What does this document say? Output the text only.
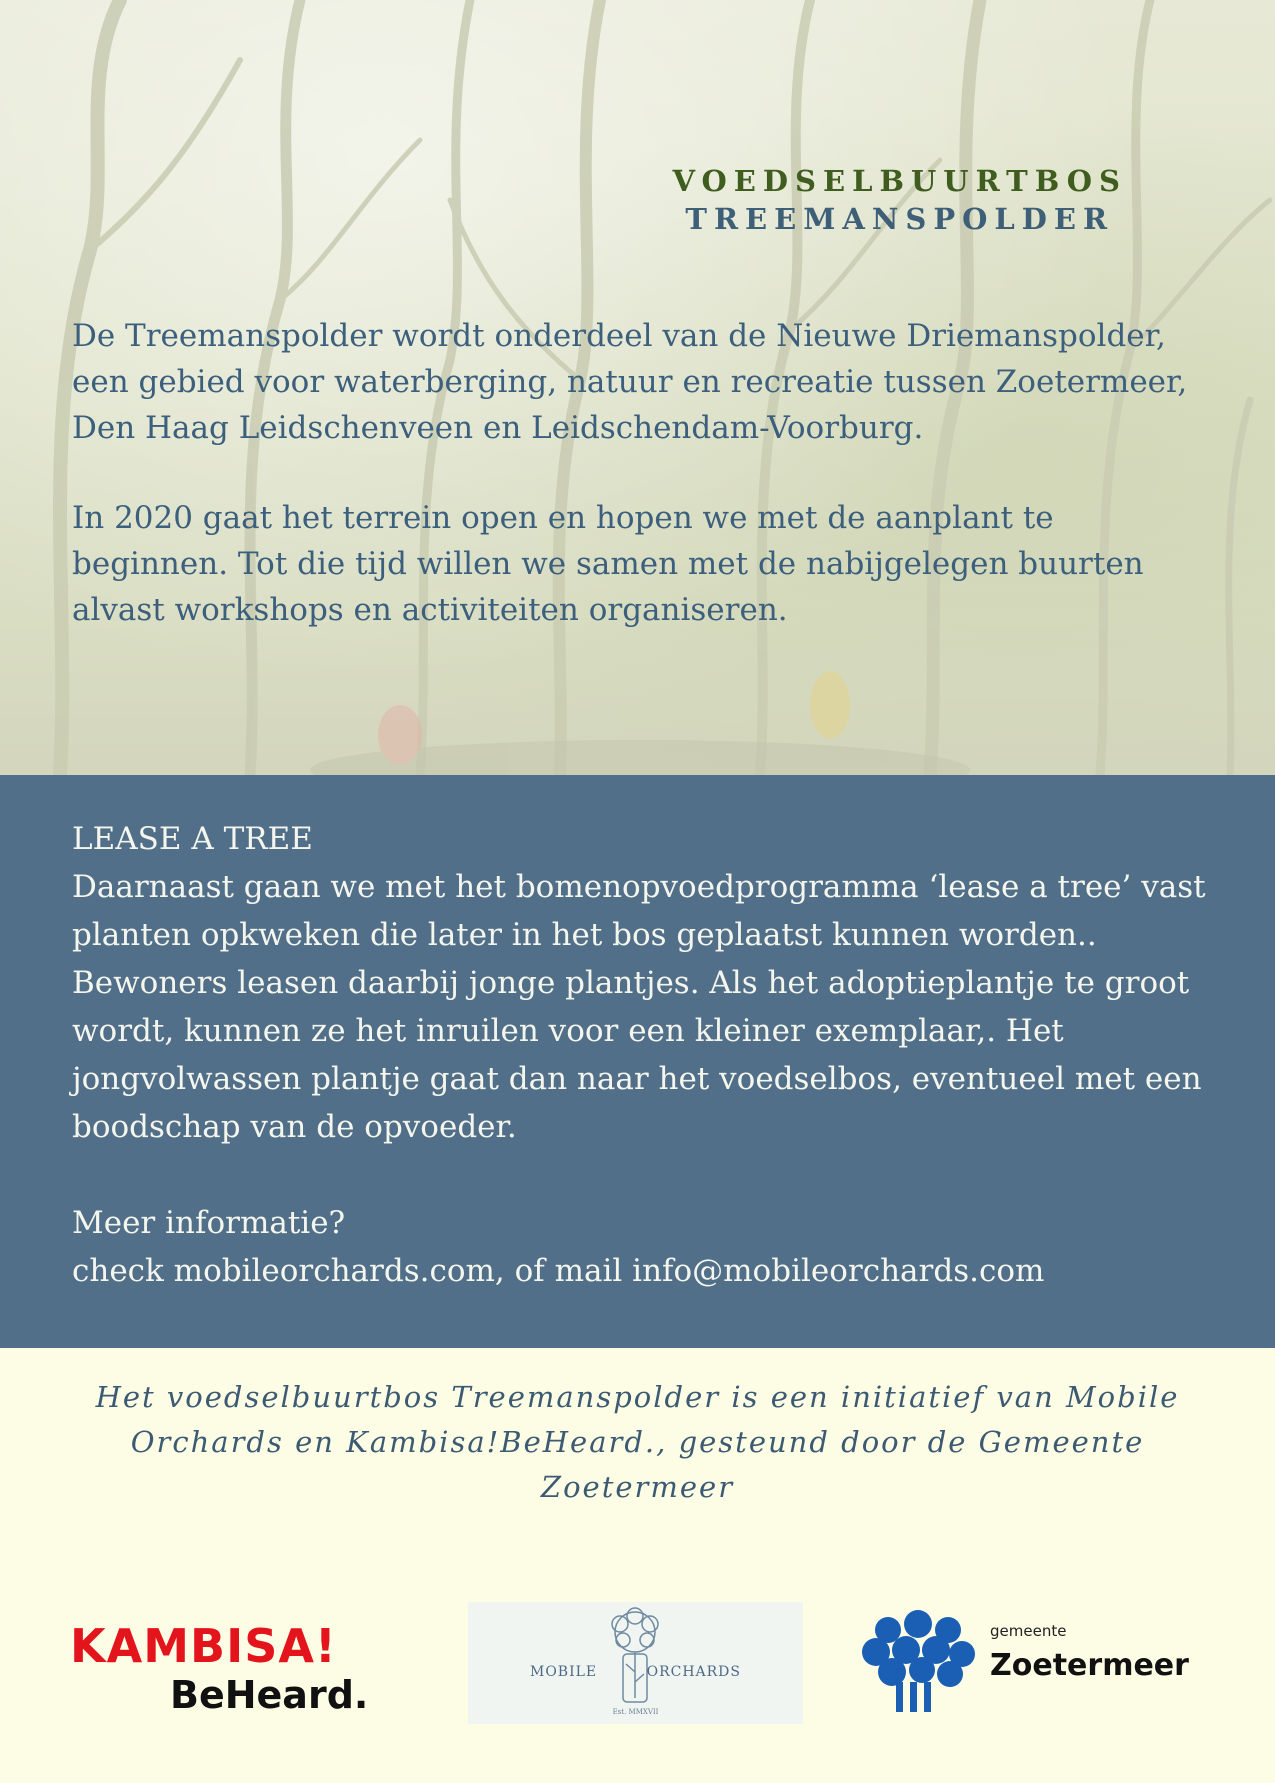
VOEDSELBUURTBOS
TREEMANSPOLDER

De Treemanspolder wordt onderdeel van de Nieuwe Driemanspolder, een gebied voor waterberging, natuur en recreatie tussen Zoetermeer, Den Haag Leidschenveen en Leidschendam-Voorburg.

In 2020 gaat het terrein open en hopen we met de aanplant te beginnen. Tot die tijd willen we samen met de nabijgelegen buurten alvast workshops en activiteiten organiseren.

LEASE A TREE

Daarnaast gaan we met het bomenopvoedprogramma ‘lease a tree’ vast planten opkweken die later in het bos geplaatst kunnen worden.. Bewoners leasen daarbij jonge plantjes. Als het adoptieplantje te groot wordt, kunnen ze het inruilen voor een kleiner exemplaar,. Het jongvolwassen plantje gaat dan naar het voedselbos, eventueel met een boodschap van de opvoeder.

Meer informatie?

check mobileorchards.com, of mail info@mobileorchards.com

Het voedselbuurtbos Treemanspolder is een initiatief van Mobile Orchards en Kambisa!BeHeard., gesteund door de Gemeente Zoetermeer
KAMBISA!
BeHeard.
MOBILE	ORCHARDS
Est. MMXVII
gemeente
Zoetermeer
